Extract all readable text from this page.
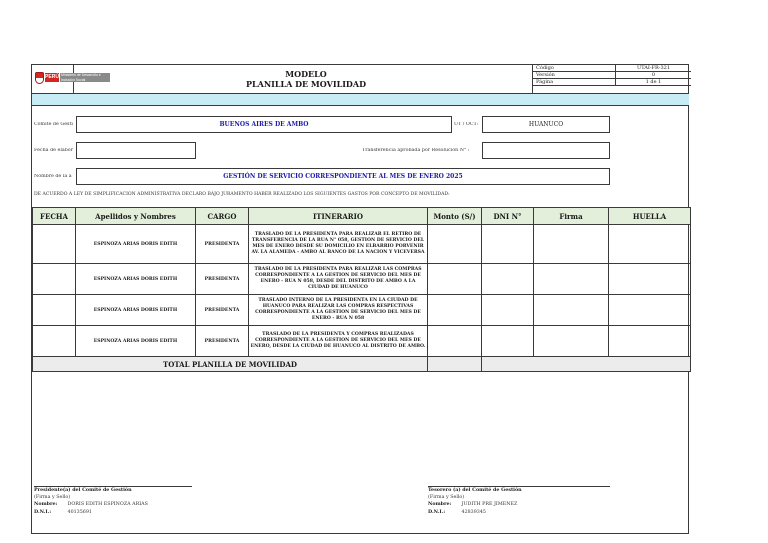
PERÚ Ministerio de Desarrollo e Inclusión Social
MODELO
PLANILLA DE MOVILIDAD
Código	UTAI-FR-321
Versión	0
Página	1 de 1
Comité de Gesti	BUENOS AIRES DE AMBO	UT / OCT:	HUANUCO
Fecha de elabor	Transferencia aprobada por Resolución N° :
Nombre de la a	GESTIÓN DE SERVICIO CORRESPONDIENTE AL MES DE ENERO 2025
DE ACUERDO A LEY DE SIMPLIFICACION ADMINISTRATIVA DECLARO BAJO JURAMENTO HABER REALIZADO LOS SIGUIENTES GASTOS POR CONCEPTO DE MOVILIDAD:
FECHA	Apellidos y Nombres	CARGO	ITINERARIO	Monto (S/)	DNI N°	Firma	HUELLA
	ESPINOZA ARIAS DORIS EDITH	PRESIDENTA	TRASLADO DE LA PRESIDENTA PARA REALIZAR EL RETIRO DE TRANSFERENCIA DE LA RUA N° 058, GESTION DE SERVICIO DEL MES DE ENERO DESDE SU DOMICILIO EN ELBARRIO PORVENIR AV. LA ALAMEDA - AMBO AL BANCO DE LA NACION Y VICEVERSA				
	ESPINOZA ARIAS DORIS EDITH	PRESIDENTA	TRASLADO DE LA PRESIDENTA PARA REALIZAR LAS COMPRAS CORRESPONDIENTE A LA GESTION DE SERVICIO DEL MES DE ENERO - RUA N 058, DESDE DEL DISTRITO DE AMBO A LA CIUDAD DE HUANUCO				
	ESPINOZA ARIAS DORIS EDITH	PRESIDENTA	TRASLADO INTERNO DE LA PRESIDENTA EN LA CIUDAD DE HUANUCO PARA REALIZAR LAS COMPRAS RESPECTIVAS CORRESPONDIENTE A LA GESTION DE SERVICIO DEL MES DE ENERO - RUA N 058				
	ESPINOZA ARIAS DORIS EDITH	PRESIDENTA	TRASLADO DE LA PRESIDENTA Y COMPRAS REALIZADAS CORRESPONDIENTE A LA GESTION DE SERVICIO DEL MES DE ENERO, DESDE LA CIUDAD DE HUANUCO AL DISTRITO DE AMBO.				
TOTAL PLANILLA DE MOVILIDAD							
Presidente(a) del Comité de Gestión
(Firma y Sello)
Nombre: DORIS EDITH ESPINOZA ARIAS
D.N.I.:	40135691
Tesorero (a) del Comité de Gestión
(Firma y Sello)
Nombre: JUDITH PRE JIMENEZ
D.N.I.:	42839345
